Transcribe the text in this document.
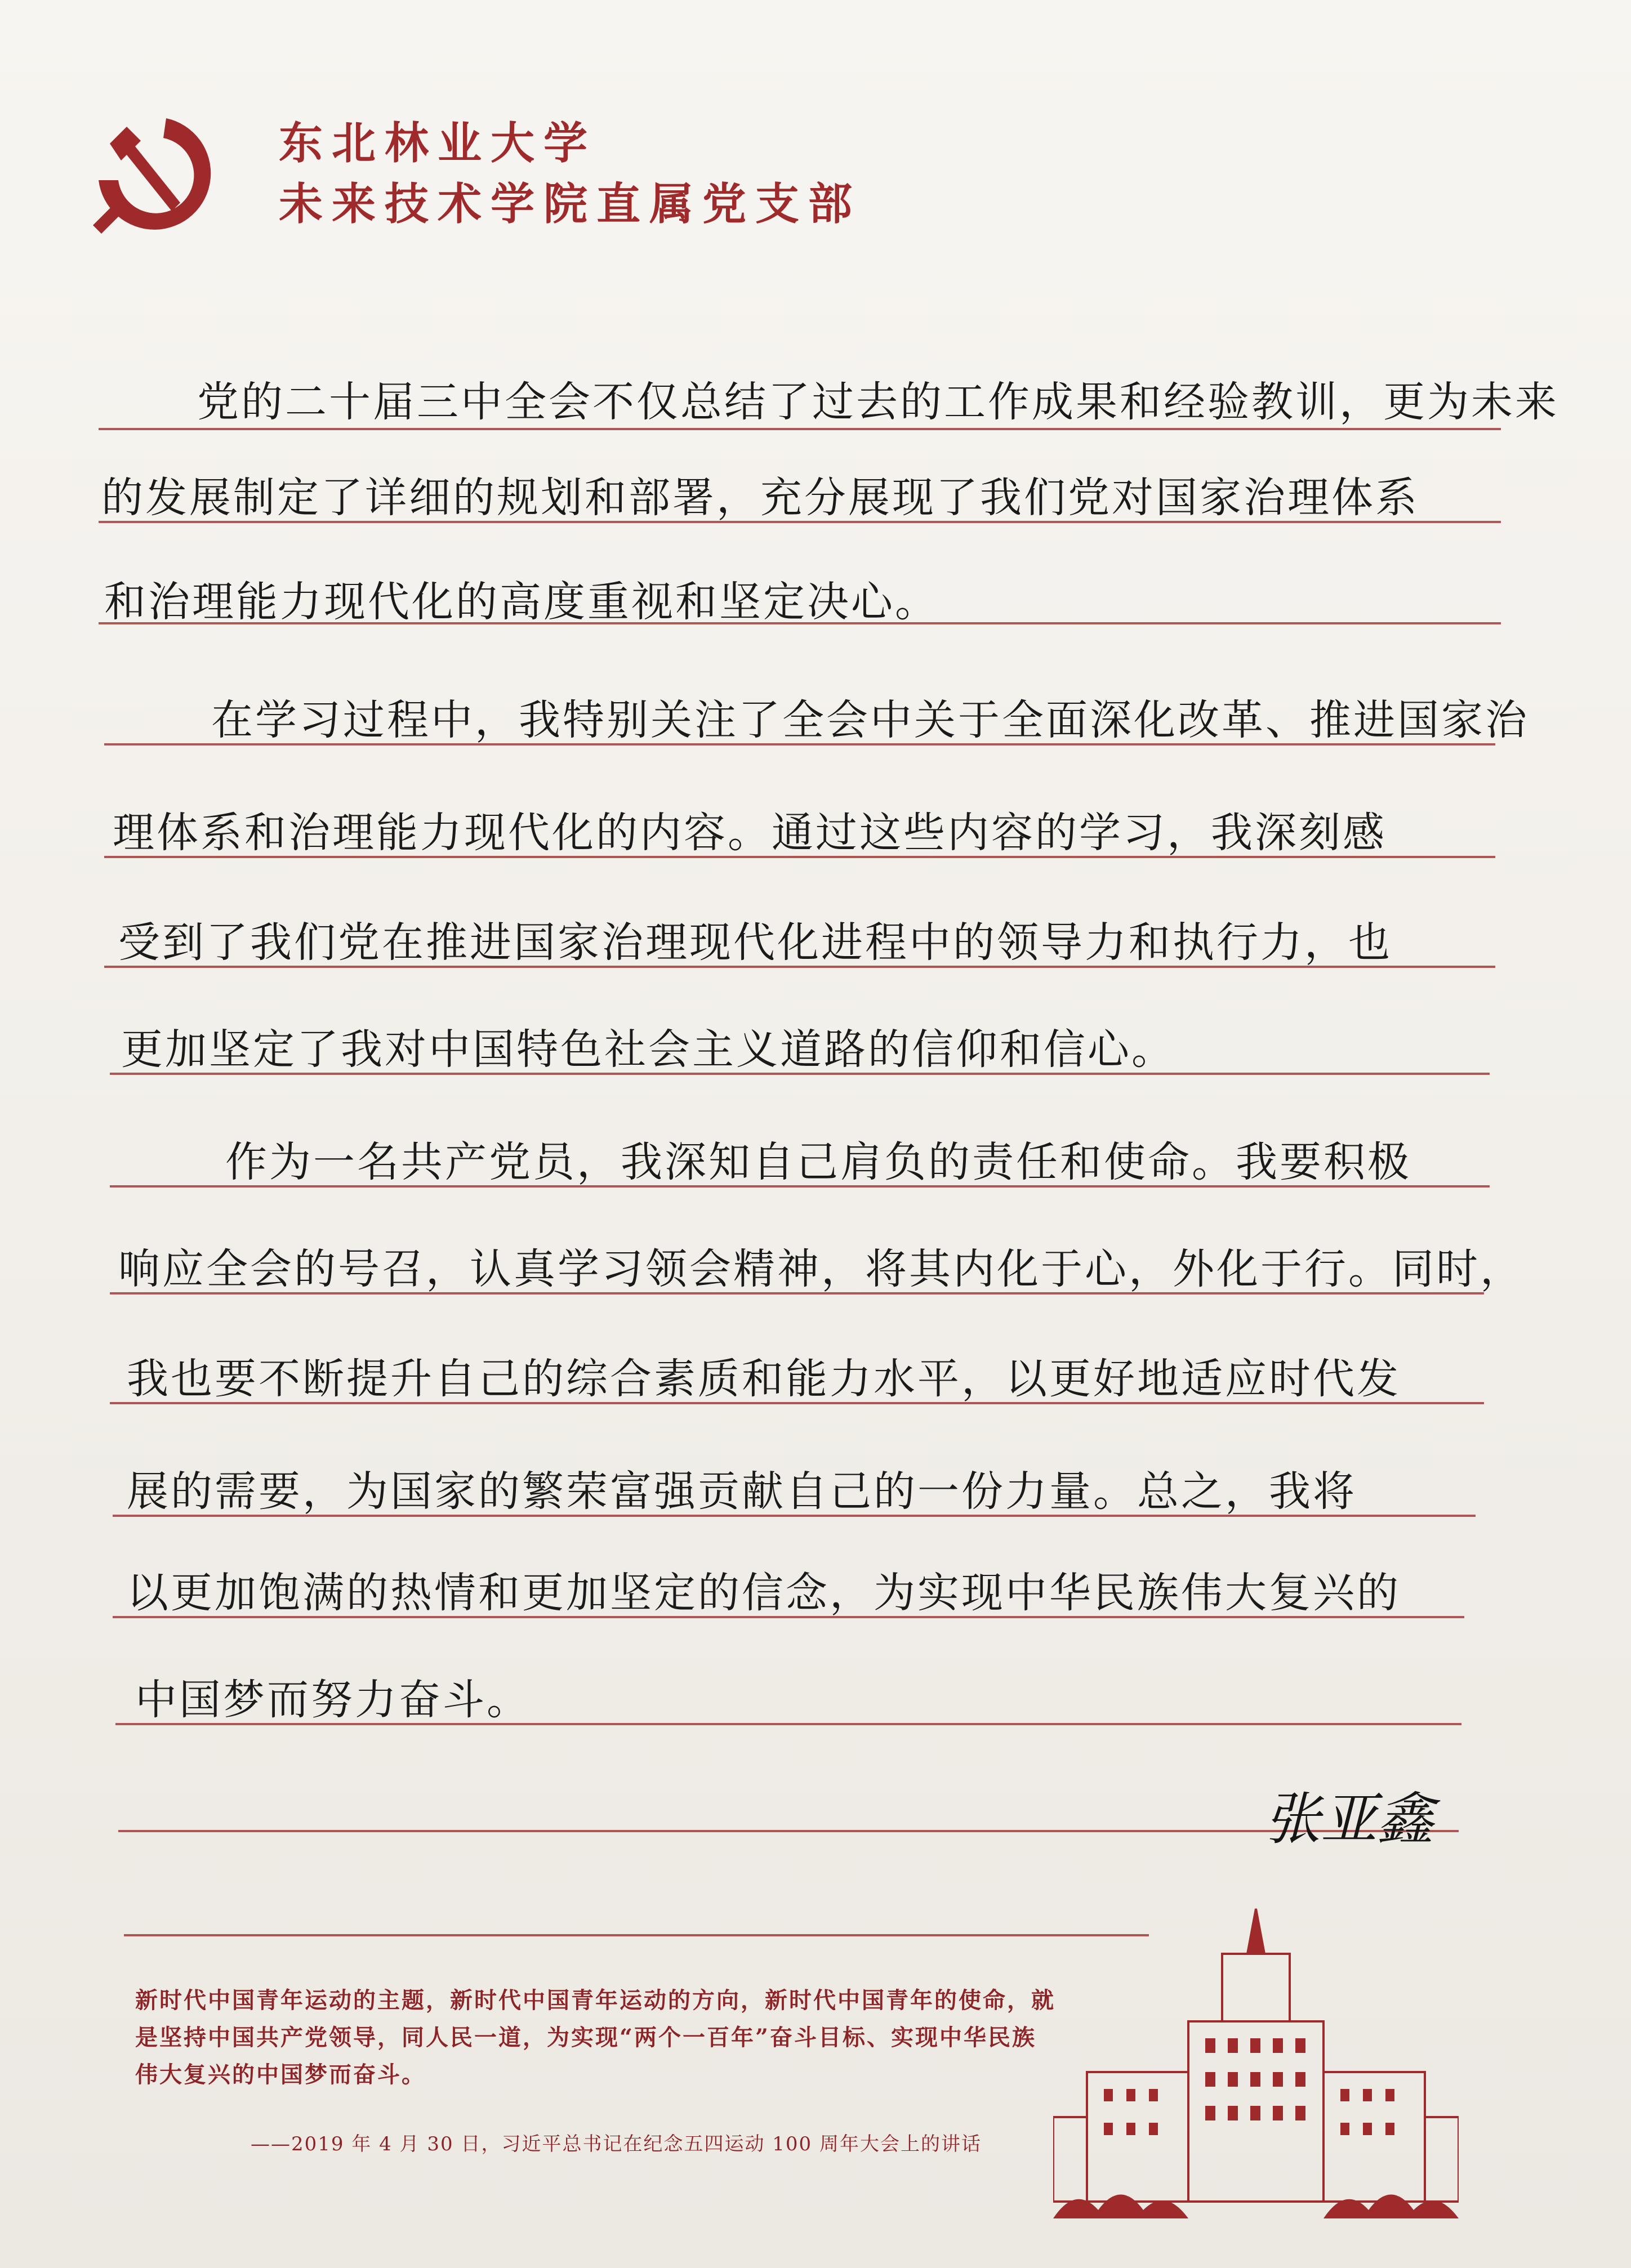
东北林业大学
未来技术学院直属党支部
党的二十届三中全会不仅总结了过去的工作成果和经验教训，更为未来
的发展制定了详细的规划和部署，充分展现了我们党对国家治理体系
和治理能力现代化的高度重视和坚定决心。
在学习过程中，我特别关注了全会中关于全面深化改革、推进国家治
理体系和治理能力现代化的内容。通过这些内容的学习，我深刻感
受到了我们党在推进国家治理现代化进程中的领导力和执行力，也
更加坚定了我对中国特色社会主义道路的信仰和信心。
作为一名共产党员，我深知自己肩负的责任和使命。我要积极
响应全会的号召，认真学习领会精神，将其内化于心，外化于行。同时，
我也要不断提升自己的综合素质和能力水平，以更好地适应时代发
展的需要，为国家的繁荣富强贡献自己的一份力量。总之，我将
以更加饱满的热情和更加坚定的信念，为实现中华民族伟大复兴的
中国梦而努力奋斗。
张亚鑫
新时代中国青年运动的主题，新时代中国青年运动的方向，新时代中国青年的使命，就是坚持中国共产党领导，同人民一道，为实现“两个一百年”奋斗目标、实现中华民族伟大复兴的中国梦而奋斗。
——2019 年 4 月 30 日，习近平总书记在纪念五四运动 100 周年大会上的讲话
